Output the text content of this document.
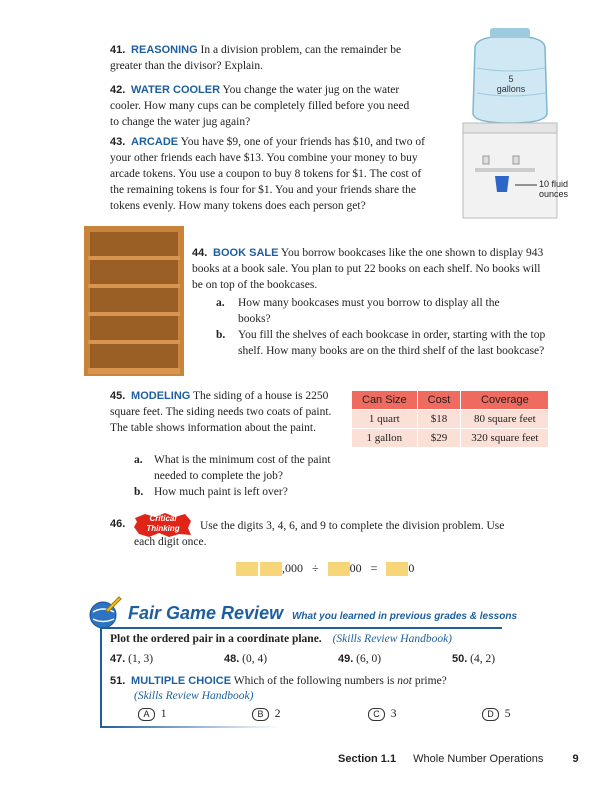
41. REASONING In a division problem, can the remainder be greater than the divisor? Explain.
42. WATER COOLER You change the water jug on the water cooler. How many cups can be completely filled before you need to change the water jug again?
43. ARCADE You have $9, one of your friends has $10, and two of your other friends each have $13. You combine your money to buy arcade tokens. You use a coupon to buy 8 tokens for $1. The cost of the remaining tokens is four for $1. You and your friends share the tokens evenly. How many tokens does each person get?
5
gallons
10 fluid
ounces
44. BOOK SALE You borrow bookcases like the one shown to display 943 books at a book sale. You plan to put 22 books on each shelf. No books will be on top of the bookcases.
a.	How many bookcases must you borrow to display all the books?
b.	You fill the shelves of each bookcase in order, starting with the top shelf. How many books are on the third shelf of the last bookcase?
45. MODELING The siding of a house is 2250 square feet. The siding needs two coats of paint. The table shows information about the paint.
a. What is the minimum cost of the paint needed to complete the job?
b. How much paint is left over?
Can Size	Cost	Coverage
1 quart	$18	80 square feet
1 gallon	$29	320 square feet
46.	Critical
Thinking	Use the digits 3, 4, 6, and 9 to complete the division problem. Use each digit once.
,000 ÷	00 =	0
Fair Game Review What you learned in previous grades & lessons
Plot the ordered pair in a coordinate plane. (Skills Review Handbook)
47. (1, 3)	48. (0, 4)	49. (6, 0)	50. (4, 2)
51. MULTIPLE CHOICE Which of the following numbers is not prime?
(Skills Review Handbook)
A 1	B 2	C 3	D 5
Section 1.1 Whole Number Operations	9
